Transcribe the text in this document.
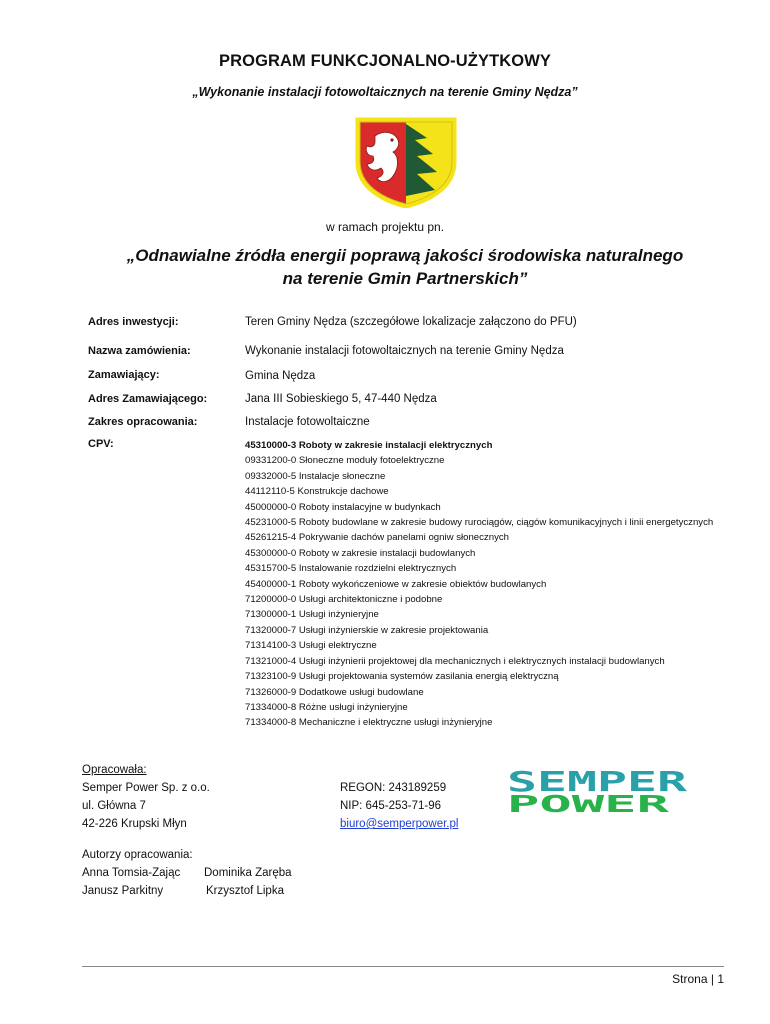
PROGRAM FUNKCJONALNO-UŻYTKOWY
„Wykonanie instalacji fotowoltaicznych na terenie Gminy Nędza”
w ramach projektu pn.
„Odnawialne źródła energii poprawą jakości środowiska naturalnego
na terenie Gmin Partnerskich”
Adres inwestycji:	Teren Gminy Nędza (szczegółowe lokalizacje załączono do PFU)
Nazwa zamówienia:	Wykonanie instalacji fotowoltaicznych na terenie Gminy Nędza
Zamawiający:	Gmina Nędza
Adres Zamawiającego:	Jana III Sobieskiego 5, 47-440 Nędza
Zakres opracowania:	Instalacje fotowoltaiczne
CPV:	45310000-3 Roboty w zakresie instalacji elektrycznych
09331200-0 Słoneczne moduły fotoelektryczne
09332000-5 Instalacje słoneczne
44112110-5 Konstrukcje dachowe
45000000-0 Roboty instalacyjne w budynkach
45231000-5 Roboty budowlane w zakresie budowy rurociągów, ciągów komunikacyjnych i linii energetycznych
45261215-4 Pokrywanie dachów panelami ogniw słonecznych
45300000-0 Roboty w zakresie instalacji budowlanych
45315700-5 Instalowanie rozdzielni elektrycznych
45400000-1 Roboty wykończeniowe w zakresie obiektów budowlanych
71200000-0 Usługi architektoniczne i podobne
71300000-1 Usługi inżynieryjne
71320000-7 Usługi inżynierskie w zakresie projektowania
71314100-3 Usługi elektryczne
71321000-4 Usługi inżynierii projektowej dla mechanicznych i elektrycznych instalacji budowlanych
71323100-9 Usługi projektowania systemów zasilania energią elektryczną
71326000-9 Dodatkowe usługi budowlane
71334000-8 Różne usługi inżynieryjne
71334000-8 Mechaniczne i elektryczne usługi inżynieryjne
Opracowała:
Semper Power Sp. z o.o.
ul. Główna 7
42-226 Krupski Młyn
REGON: 243189259
NIP: 645-253-71-96
biuro@semperpower.pl
SEMPER
POWER
Autorzy opracowania:
Anna Tomsia-Zając Dominika Zaręba
Janusz Parkitny	Krzysztof Lipka
Strona | 1
